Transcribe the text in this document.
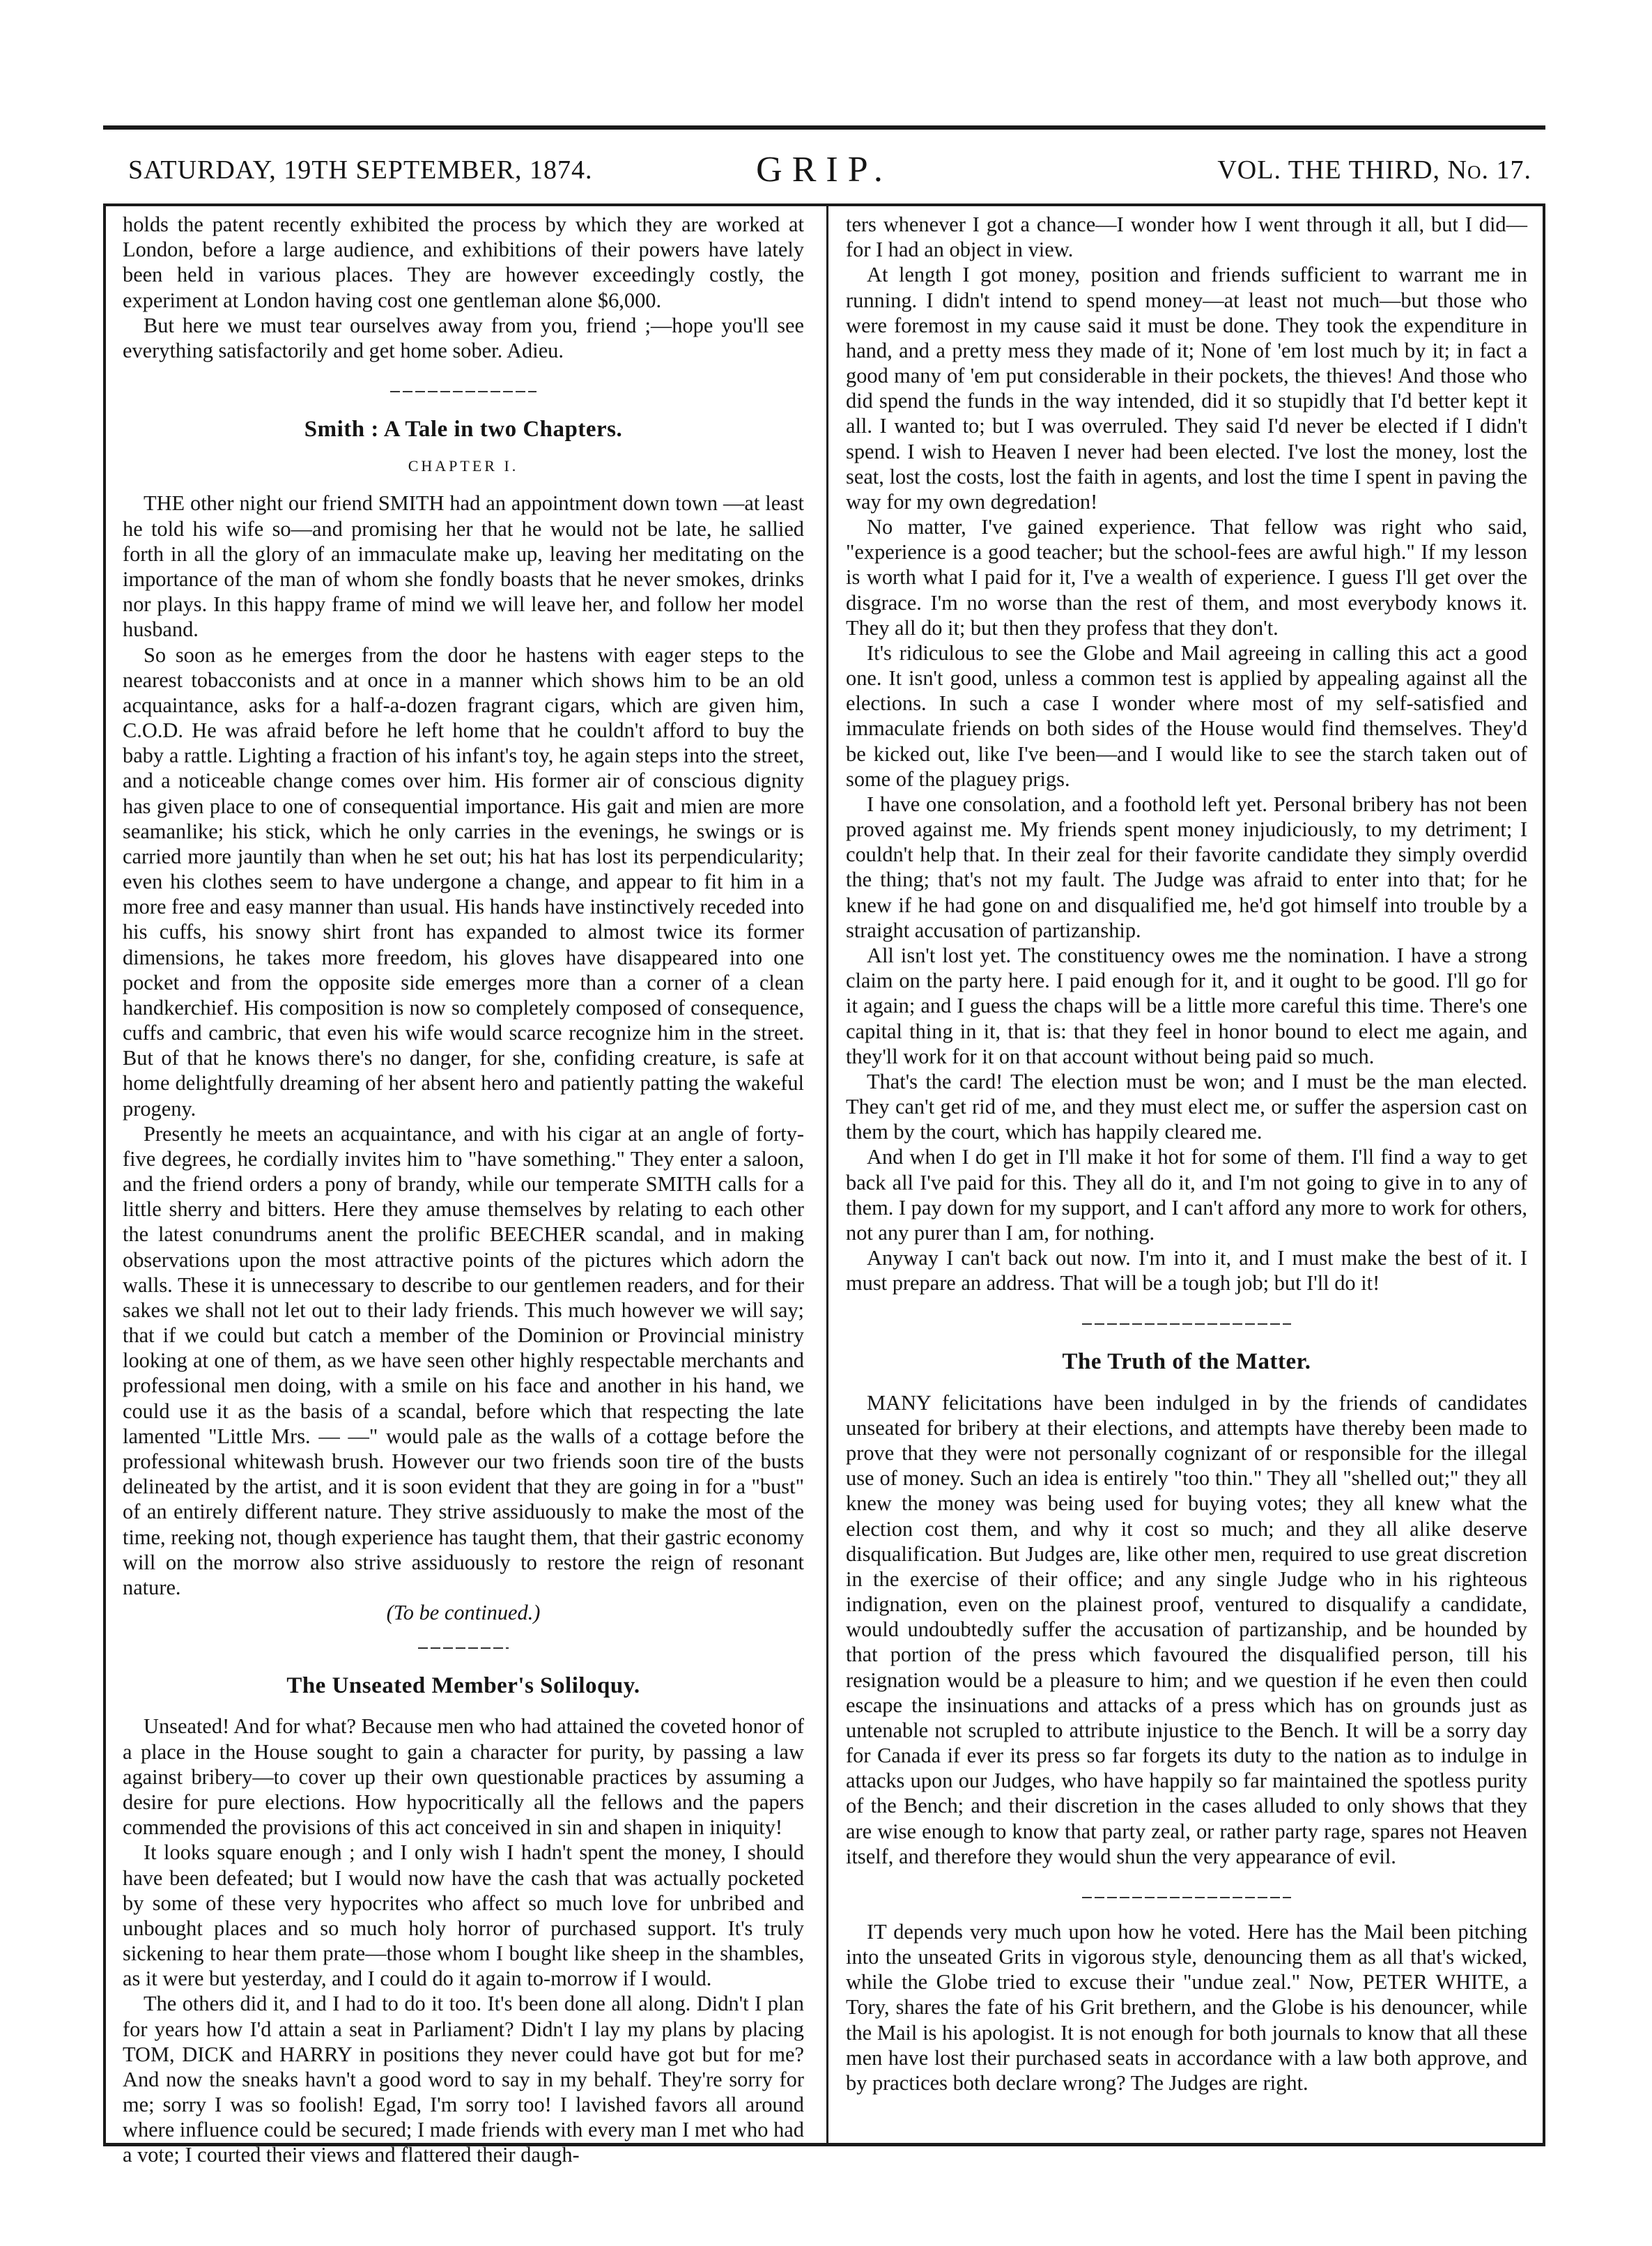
SATURDAY, 19TH SEPTEMBER, 1874.	GRIP.	VOL. THE THIRD, No. 17.

holds the patent recently exhibited the process by which they are worked at London, before a large audience, and exhibitions of their powers have lately been held in various places. They are however exceedingly costly, the experiment at London having cost one gentleman alone $6,000.

But here we must tear ourselves away from you, friend ;—hope you'll see everything satisfactorily and get home sober. Adieu.

Smith : A Tale in two Chapters.

CHAPTER I.

THE other night our friend SMITH had an appointment down town —at least he told his wife so—and promising her that he would not be late, he sallied forth in all the glory of an immaculate make up, leaving her meditating on the importance of the man of whom she fondly boasts that he never smokes, drinks nor plays. In this happy frame of mind we will leave her, and follow her model husband.

So soon as he emerges from the door he hastens with eager steps to the nearest tobacconists and at once in a manner which shows him to be an old acquaintance, asks for a half-a-dozen fragrant cigars, which are given him, C.O.D. He was afraid before he left home that he couldn't afford to buy the baby a rattle. Lighting a fraction of his infant's toy, he again steps into the street, and a noticeable change comes over him. His former air of conscious dignity has given place to one of consequential importance. His gait and mien are more seamanlike; his stick, which he only carries in the evenings, he swings or is carried more jauntily than when he set out; his hat has lost its perpendicularity; even his clothes seem to have undergone a change, and appear to fit him in a more free and easy manner than usual. His hands have instinctively receded into his cuffs, his snowy shirt front has expanded to almost twice its former dimensions, he takes more freedom, his gloves have disappeared into one pocket and from the opposite side emerges more than a corner of a clean handkerchief. His composition is now so completely composed of consequence, cuffs and cambric, that even his wife would scarce recognize him in the street. But of that he knows there's no danger, for she, confiding creature, is safe at home delightfully dreaming of her absent hero and patiently patting the wakeful progeny.

Presently he meets an acquaintance, and with his cigar at an angle of forty-five degrees, he cordially invites him to "have something." They enter a saloon, and the friend orders a pony of brandy, while our temperate SMITH calls for a little sherry and bitters. Here they amuse themselves by relating to each other the latest conundrums anent the prolific BEECHER scandal, and in making observations upon the most attractive points of the pictures which adorn the walls. These it is unnecessary to describe to our gentlemen readers, and for their sakes we shall not let out to their lady friends. This much however we will say; that if we could but catch a member of the Dominion or Provincial ministry looking at one of them, as we have seen other highly respectable merchants and professional men doing, with a smile on his face and another in his hand, we could use it as the basis of a scandal, before which that respecting the late lamented "Little Mrs. — —" would pale as the walls of a cottage before the professional whitewash brush. However our two friends soon tire of the busts delineated by the artist, and it is soon evident that they are going in for a "bust" of an entirely different nature. They strive assiduously to make the most of the time, reeking not, though experience has taught them, that their gastric economy will on the morrow also strive assiduously to restore the reign of resonant nature.

(To be continued.)

The Unseated Member's Soliloquy.

Unseated! And for what? Because men who had attained the coveted honor of a place in the House sought to gain a character for purity, by passing a law against bribery—to cover up their own questionable practices by assuming a desire for pure elections. How hypocritically all the fellows and the papers commended the provisions of this act conceived in sin and shapen in iniquity!

It looks square enough ; and I only wish I hadn't spent the money, I should have been defeated; but I would now have the cash that was actually pocketed by some of these very hypocrites who affect so much love for unbribed and unbought places and so much holy horror of purchased support. It's truly sickening to hear them prate—those whom I bought like sheep in the shambles, as it were but yesterday, and I could do it again to-morrow if I would.

The others did it, and I had to do it too. It's been done all along. Didn't I plan for years how I'd attain a seat in Parliament? Didn't I lay my plans by placing TOM, DICK and HARRY in positions they never could have got but for me? And now the sneaks havn't a good word to say in my behalf. They're sorry for me; sorry I was so foolish! Egad, I'm sorry too! I lavished favors all around where influence could be secured; I made friends with every man I met who had a vote; I courted their views and flattered their daugh-

ters whenever I got a chance—I wonder how I went through it all, but I did—for I had an object in view.

At length I got money, position and friends sufficient to warrant me in running. I didn't intend to spend money—at least not much—but those who were foremost in my cause said it must be done. They took the expenditure in hand, and a pretty mess they made of it; None of 'em lost much by it; in fact a good many of 'em put considerable in their pockets, the thieves! And those who did spend the funds in the way intended, did it so stupidly that I'd better kept it all. I wanted to; but I was overruled. They said I'd never be elected if I didn't spend. I wish to Heaven I never had been elected. I've lost the money, lost the seat, lost the costs, lost the faith in agents, and lost the time I spent in paving the way for my own degredation!

No matter, I've gained experience. That fellow was right who said, "experience is a good teacher; but the school-fees are awful high." If my lesson is worth what I paid for it, I've a wealth of experience. I guess I'll get over the disgrace. I'm no worse than the rest of them, and most everybody knows it. They all do it; but then they profess that they don't.

It's ridiculous to see the Globe and Mail agreeing in calling this act a good one. It isn't good, unless a common test is applied by appealing against all the elections. In such a case I wonder where most of my self-satisfied and immaculate friends on both sides of the House would find themselves. They'd be kicked out, like I've been—and I would like to see the starch taken out of some of the plaguey prigs.

I have one consolation, and a foothold left yet. Personal bribery has not been proved against me. My friends spent money injudiciously, to my detriment; I couldn't help that. In their zeal for their favorite candidate they simply overdid the thing; that's not my fault. The Judge was afraid to enter into that; for he knew if he had gone on and disqualified me, he'd got himself into trouble by a straight accusation of partizanship.

All isn't lost yet. The constituency owes me the nomination. I have a strong claim on the party here. I paid enough for it, and it ought to be good. I'll go for it again; and I guess the chaps will be a little more careful this time. There's one capital thing in it, that is: that they feel in honor bound to elect me again, and they'll work for it on that account without being paid so much.

That's the card! The election must be won; and I must be the man elected. They can't get rid of me, and they must elect me, or suffer the aspersion cast on them by the court, which has happily cleared me.

And when I do get in I'll make it hot for some of them. I'll find a way to get back all I've paid for this. They all do it, and I'm not going to give in to any of them. I pay down for my support, and I can't afford any more to work for others, not any purer than I am, for nothing.

Anyway I can't back out now. I'm into it, and I must make the best of it. I must prepare an address. That will be a tough job; but I'll do it!

The Truth of the Matter.

MANY felicitations have been indulged in by the friends of candidates unseated for bribery at their elections, and attempts have thereby been made to prove that they were not personally cognizant of or responsible for the illegal use of money. Such an idea is entirely "too thin." They all "shelled out;" they all knew the money was being used for buying votes; they all knew what the election cost them, and why it cost so much; and they all alike deserve disqualification. But Judges are, like other men, required to use great discretion in the exercise of their office; and any single Judge who in his righteous indignation, even on the plainest proof, ventured to disqualify a candidate, would undoubtedly suffer the accusation of partizanship, and be hounded by that portion of the press which favoured the disqualified person, till his resignation would be a pleasure to him; and we question if he even then could escape the insinuations and attacks of a press which has on grounds just as untenable not scrupled to attribute injustice to the Bench. It will be a sorry day for Canada if ever its press so far forgets its duty to the nation as to indulge in attacks upon our Judges, who have happily so far maintained the spotless purity of the Bench; and their discretion in the cases alluded to only shows that they are wise enough to know that party zeal, or rather party rage, spares not Heaven itself, and therefore they would shun the very appearance of evil.

IT depends very much upon how he voted. Here has the Mail been pitching into the unseated Grits in vigorous style, denouncing them as all that's wicked, while the Globe tried to excuse their "undue zeal." Now, PETER WHITE, a Tory, shares the fate of his Grit brethern, and the Globe is his denouncer, while the Mail is his apologist. It is not enough for both journals to know that all these men have lost their purchased seats in accordance with a law both approve, and by practices both declare wrong? The Judges are right.
